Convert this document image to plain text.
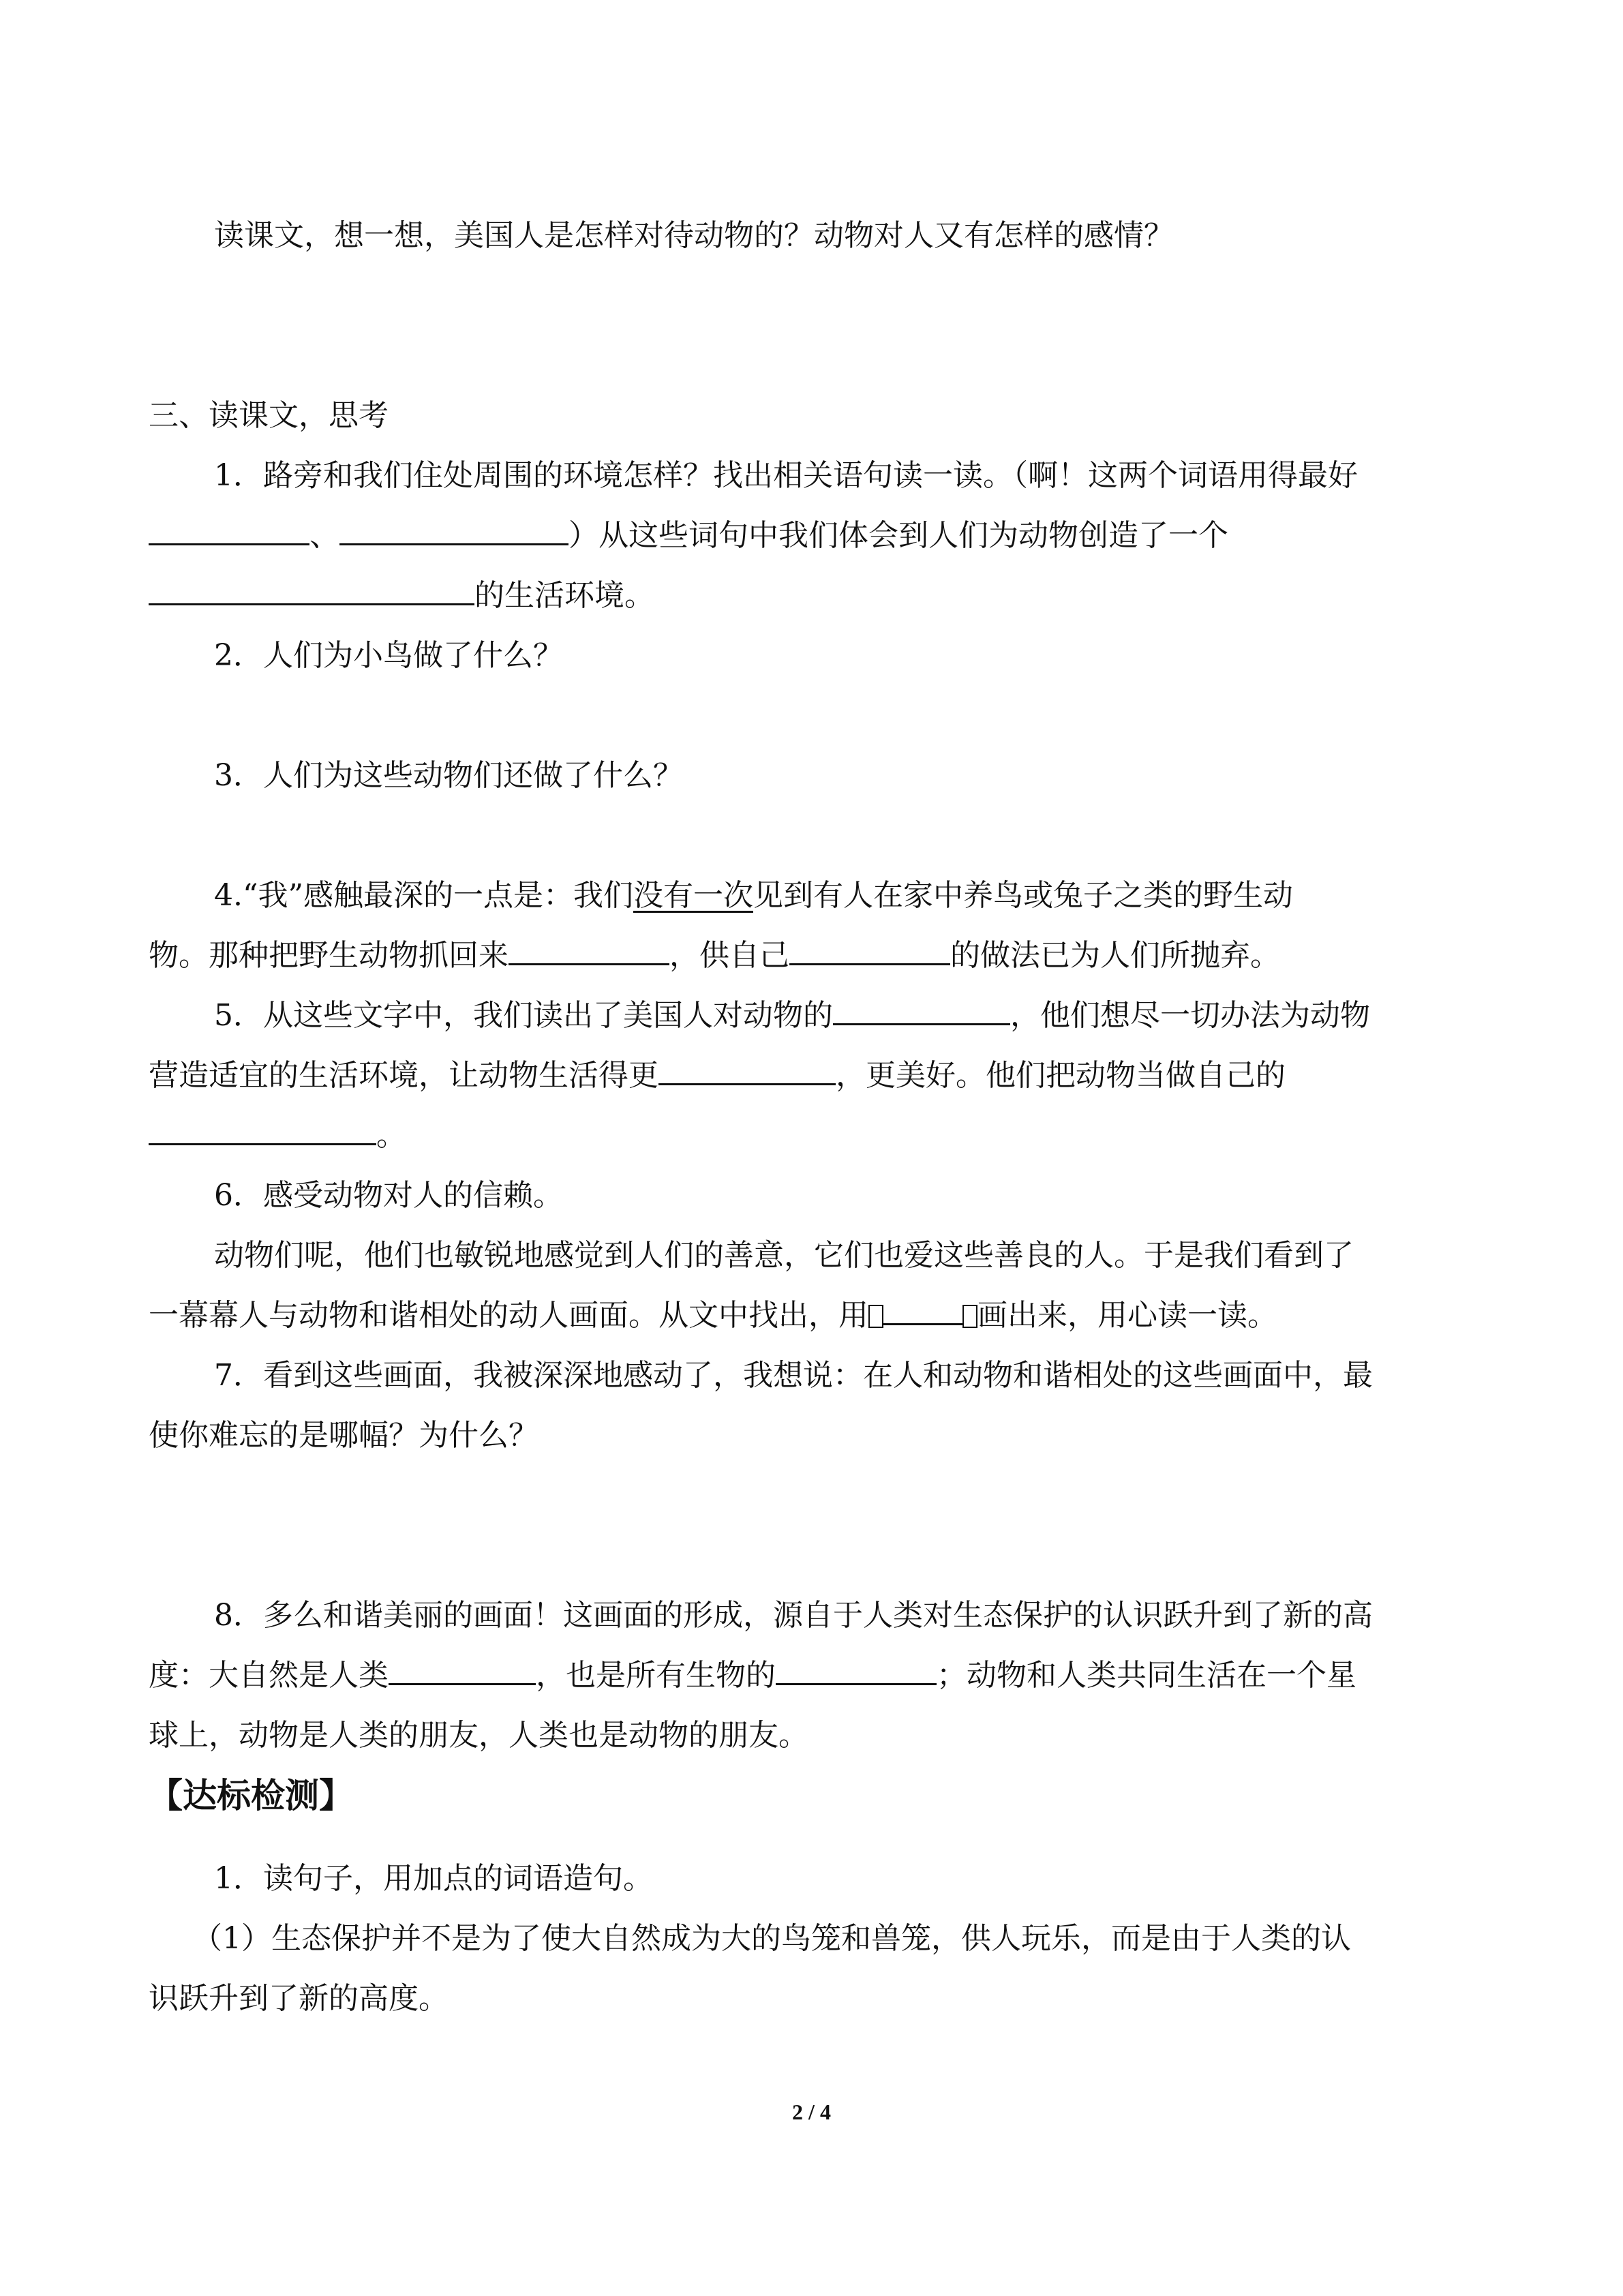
读课文，想一想，美国人是怎样对待动物的？动物对人又有怎样的感情？
三、读课文，思考
1．路旁和我们住处周围的环境怎样？找出相关语句读一读。（啊！这两个词语用得最好
、	）从这些词句中我们体会到人们为动物创造了一个
的生活环境。
2．人们为小鸟做了什么？
3．人们为这些动物们还做了什么？
4.“我”感触最深的一点是：我们没有一次见到有人在家中养鸟或兔子之类的野生动
物。那种把野生动物抓回来	，供自己	的做法已为人们所抛弃。
5．从这些文字中，我们读出了美国人对动物的	，他们想尽一切办法为动物
营造适宜的生活环境，让动物生活得更	，更美好。他们把动物当做自己的
。
6．感受动物对人的信赖。
动物们呢，他们也敏锐地感觉到人们的善意，它们也爱这些善良的人。于是我们看到了
一幕幕人与动物和谐相处的动人画面。从文中找出，用	画出来，用心读一读。
7．看到这些画面，我被深深地感动了，我想说：在人和动物和谐相处的这些画面中，最
使你难忘的是哪幅？为什么？
8．多么和谐美丽的画面！这画面的形成，源自于人类对生态保护的认识跃升到了新的高
度：大自然是人类	，也是所有生物的	；动物和人类共同生活在一个星
球上，动物是人类的朋友，人类也是动物的朋友。
【达标检测】
1．读句子，用加点的词语造句。
（1）生态保护并不是为了使大自然成为大的鸟笼和兽笼，供人玩乐，而是由于人类的认
识跃升到了新的高度。
2 / 4
